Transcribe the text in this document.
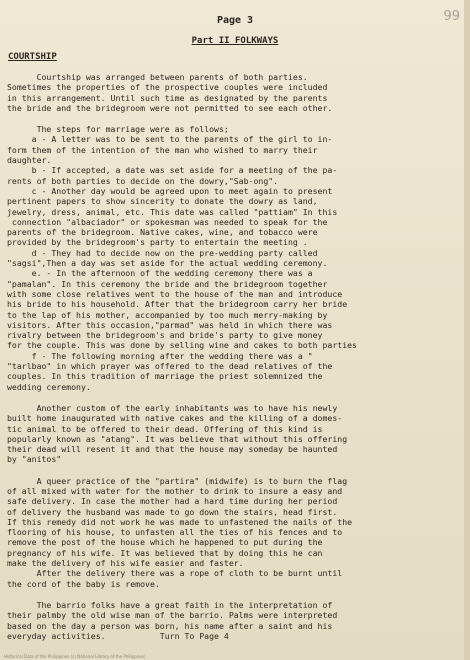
Page 3	99
Part II FOLKWAYS
COURTSHIP

Courtship was arranged between parents of both parties.

Sometimes the properties of the prospective couples were included

in this arrangement. Until such time as designated by the parents

the bride and the bridegroom were not permitted to see each other.

The steps for marriage were as follows;

a - A letter was to be sent to the parents of the girl to in-

form them of the intention of the man who wished to marry their

daughter.

b - If accepted, a date was set aside for a meeting of the pa-

rents of both parties to decide on the dowry,"Sab-ong".

c - Another day would be agreed upon to meet again to present

pertinent papers to show sincerity to donate the dowry as land,

jewelry, dress, animal, etc. This date was called "pattiam" In this

connection "albaciador" or spokesman was needed to speak for the

parents of the bridegroom. Native cakes, wine, and tobacco were

provided by the bridegroom's party to entertain the meeting .

d - They had to decide now on the pre-wedding party called

"sagsi",Then a day was set aside for the actual wedding ceremony.

e. - In the afternoon of the wedding ceremony there was a

"pamalan". In this ceremony the bride and the bridegroom together

with some close relatives went to the house of the man and introduce

his bride to his household. After that the bridegroom carry her bride

to the lap of his mother, accompanied by too much merry-making by

visitors. After this occasion,"parmad" was held in which there was

rivalry between the bridegroom's and bride's party to give money

for the couple. This was done by selling wine and cakes to both parties

f - The following morning after the wedding there was a "

"tarlbao" in which prayer was offered to the dead relatives of the

couples. In this tradition of marriage the priest solemnized the

wedding ceremony.

Another custom of the early inhabitants was to have his newly

built home inaugurated with native cakes and the killing of a domes-

tic animal to be offered to their dead. Offering of this kind is

popularly known as "atang". It was believe that without this offering

their dead will resent it and that the house may someday be haunted

by "anitos"

A queer practice of the "partira" (midwife) is to burn the flag

of all mixed with water for the mother to drink to insure a easy and

safe delivery. In case the mother had a hard time during her period

of delivery the husband was made to go down the stairs, head first.

If this remedy did not work he was made to unfastened the nails of the

flooring of his house, to unfasten all the ties of his fences and to

remove the post of the house which he happened to put during the

pregnancy of his wife. It was believed that by doing this he can

make the delivery of his wife easier and faster.

After the delivery there was a rope of cloth to be burnt until

the cord of the baby is remove.

The barrio folks have a great faith in the interpretation of

their palmby the old wise man of the barrio. Palms were interpreted

based on the day a person was born, his name after a saint and his

everyday activities.           Turn To Page 4

Historical Data of the Philippines (c) National Library of the Philippines
